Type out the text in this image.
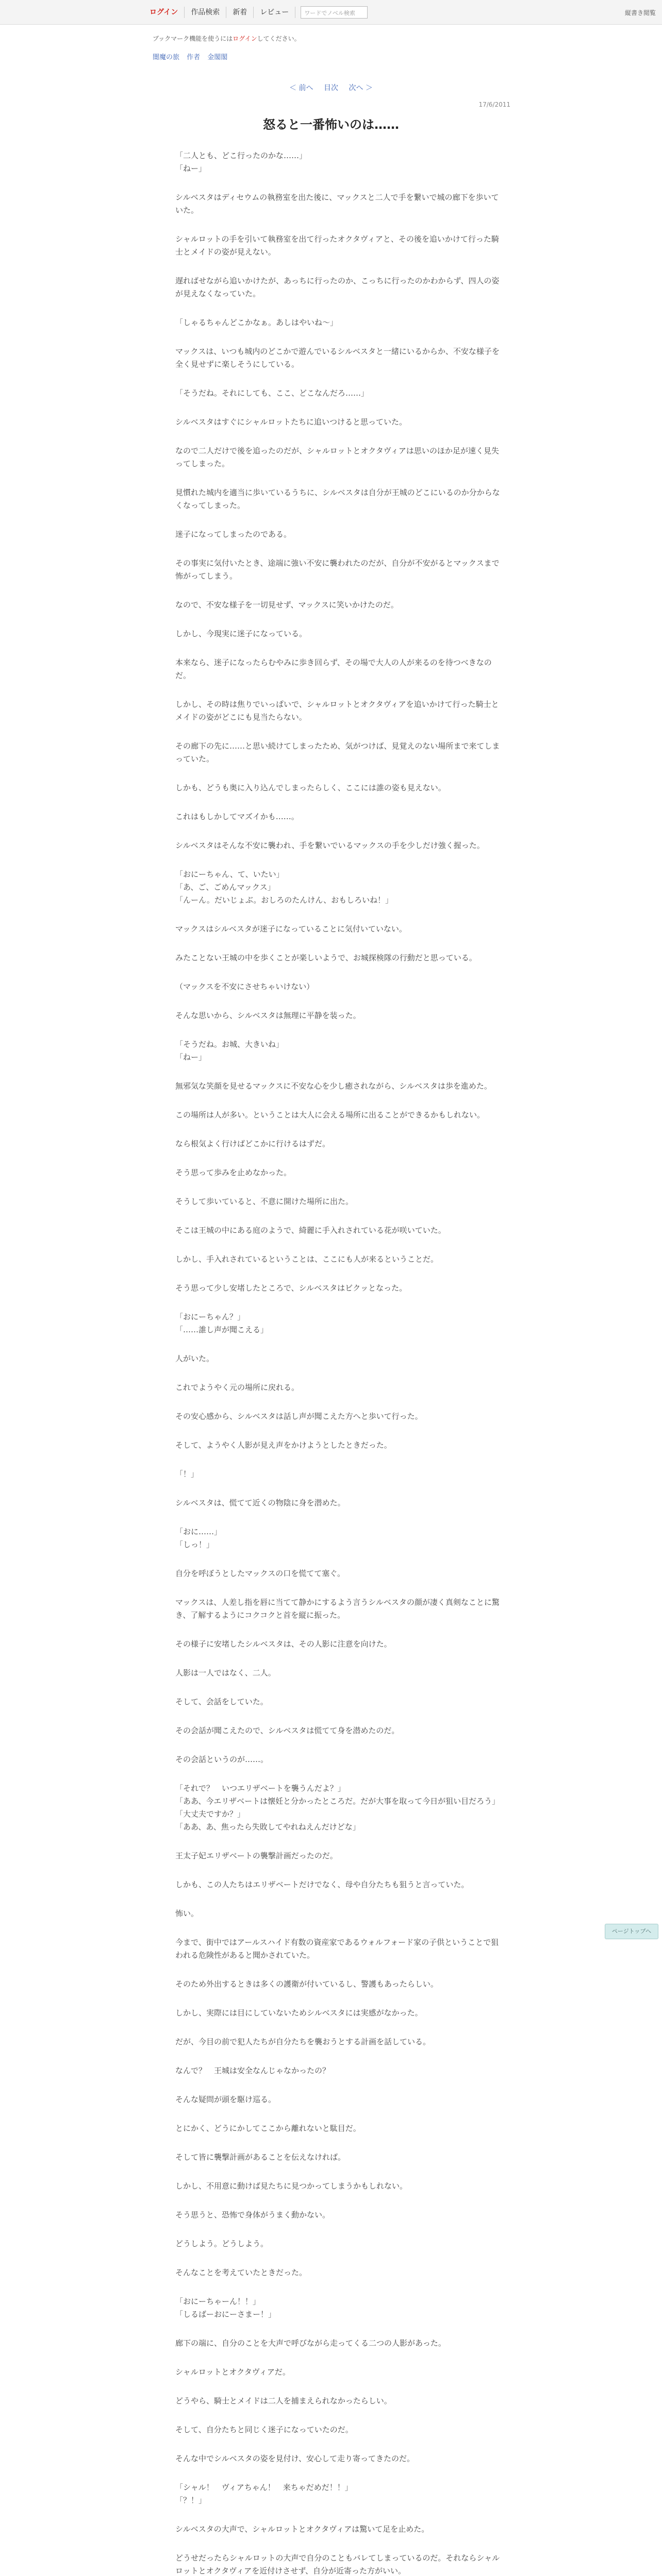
ログイン	作品検索	新着	レビュー	ワードでノベル検索	縦書き閲覧
ブックマーク機能を使うにはログインしてください。
闇魔の旅 作者 金閣閣
＜ 前へ 目次 次へ ＞
17/6/2011
怒ると一番怖いのは……

「二人とも、どこ行ったのかな……」
「ねー」

シルベスタはディセウムの執務室を出た後に、マックスと二人で手を繋いで城の廊下を歩いていた。

シャルロットの手を引いて執務室を出て行ったオクタヴィアと、その後を追いかけて行った騎士とメイドの姿が見えない。

遅ればせながら追いかけたが、あっちに行ったのか、こっちに行ったのかわからず、四人の姿が見えなくなっていた。

「しゃるちゃんどこかなぁ。あしはやいね～」

マックスは、いつも城内のどこかで遊んでいるシルベスタと一緒にいるからか、不安な様子を全く見せずに楽しそうにしている。

「そうだね。それにしても、ここ、どこなんだろ……」

シルベスタはすぐにシャルロットたちに追いつけると思っていた。

なので二人だけで後を追ったのだが、シャルロットとオクタヴィアは思いのほか足が速く見失ってしまった。

見慣れた城内を適当に歩いているうちに、シルベスタは自分が王城のどこにいるのか分からなくなってしまった。

迷子になってしまったのである。

その事実に気付いたとき、途端に強い不安に襲われたのだが、自分が不安がるとマックスまで怖がってしまう。

なので、不安な様子を一切見せず、マックスに笑いかけたのだ。

しかし、今現実に迷子になっている。

本来なら、迷子になったらむやみに歩き回らず、その場で大人の人が来るのを待つべきなのだ。

しかし、その時は焦りでいっぱいで、シャルロットとオクタヴィアを追いかけて行った騎士とメイドの姿がどこにも見当たらない。

その廊下の先に……と思い続けてしまったため、気がつけば、見覚えのない場所まで来てしまっていた。

しかも、どうも奥に入り込んでしまったらしく、ここには誰の姿も見えない。

これはもしかしてマズイかも……。

シルベスタはそんな不安に襲われ、手を繋いでいるマックスの手を少しだけ強く握った。

「おにーちゃん、て、いたい」
「あ、ご、ごめんマックス」
「んーん。だいじょぶ。おしろのたんけん、おもしろいね！」

マックスはシルベスタが迷子になっていることに気付いていない。

みたことない王城の中を歩くことが楽しいようで、お城探検隊の行動だと思っている。

（マックスを不安にさせちゃいけない）

そんな思いから、シルベスタは無理に平静を装った。

「そうだね。お城、大きいね」
「ねー」

無邪気な笑顔を見せるマックスに不安な心を少し癒されながら、シルベスタは歩を進めた。

この場所は人が多い。ということは大人に会える場所に出ることができるかもしれない。

なら根気よく行けばどこかに行けるはずだ。

そう思って歩みを止めなかった。

そうして歩いていると、不意に開けた場所に出た。

そこは王城の中にある庭のようで、綺麗に手入れされている花が咲いていた。

しかし、手入れされているということは、ここにも人が来るということだ。

そう思って少し安堵したところで、シルベスタはビクッとなった。

「おにーちゃん？」
「……誰し声が聞こえる」

人がいた。

これでようやく元の場所に戻れる。

その安心感から、シルベスタは話し声が聞こえた方へと歩いて行った。

そして、ようやく人影が見え声をかけようとしたときだった。

「！」

シルベスタは、慌てて近くの物陰に身を潜めた。

「おに……」
「しっ！」

自分を呼ぼうとしたマックスの口を慌てて塞ぐ。

マックスは、人差し指を唇に当てて静かにするよう言うシルベスタの顔が凄く真剣なことに驚き、了解するようにコクコクと首を縦に振った。

その様子に安堵したシルベスタは、その人影に注意を向けた。

人影は一人ではなく、二人。

そして、会話をしていた。

その会話が聞こえたので、シルベスタは慌てて身を潜めたのだ。

その会話というのが……。

「それで？　いつエリザベートを襲うんだよ？」
「ああ、今エリザベートは懐妊と分かったところだ。だが大事を取って今日が狙い目だろう」
「大丈夫ですか？」
「ああ、あ、焦ったら失敗してやれねえんだけどな」

王太子妃エリザベートの襲撃計画だったのだ。

しかも、この人たちはエリザベートだけでなく、母や自分たちも狙うと言っていた。

怖い。

今まで、街中ではアールスハイド有数の資産家であるウォルフォード家の子供ということで狙われる危険性があると聞かされていた。

そのため外出するときは多くの護衛が付いているし、警護もあったらしい。

しかし、実際には目にしていないためシルベスタには実感がなかった。

だが、今目の前で犯人たちが自分たちを襲おうとする計画を話している。

なんで？　王城は安全なんじゃなかったの？

そんな疑問が頭を駆け巡る。

とにかく、どうにかしてここから離れないと駄目だ。

そして皆に襲撃計画があることを伝えなければ。

しかし、不用意に動けば見たちに見つかってしまうかもしれない。

そう思うと、恐怖で身体がうまく動かない。

どうしよう。どうしよう。

そんなことを考えていたときだった。

「おにーちゃーん！！」
「しるばーおにーさまー！」

廊下の端に、自分のことを大声で呼びながら走ってくる二つの人影があった。

シャルロットとオクタヴィアだ。

どうやら、騎士とメイドは二人を捕まえられなかったらしい。

そして、自分たちと同じく迷子になっていたのだ。

そんな中でシルベスタの姿を見付け、安心して走り寄ってきたのだ。

「シャル！　ヴィアちゃん！　来ちゃだめだ！！」
「？！」

シルベスタの大声で、シャルロットとオクタヴィアは驚いて足を止めた。

どうせだったらシャルロットの大声で自分のこともバレてしまっているのだ。それならシャルロットとオクタヴィアを近付けさせず、自分が近寄った方がいい。

ページトップへ
